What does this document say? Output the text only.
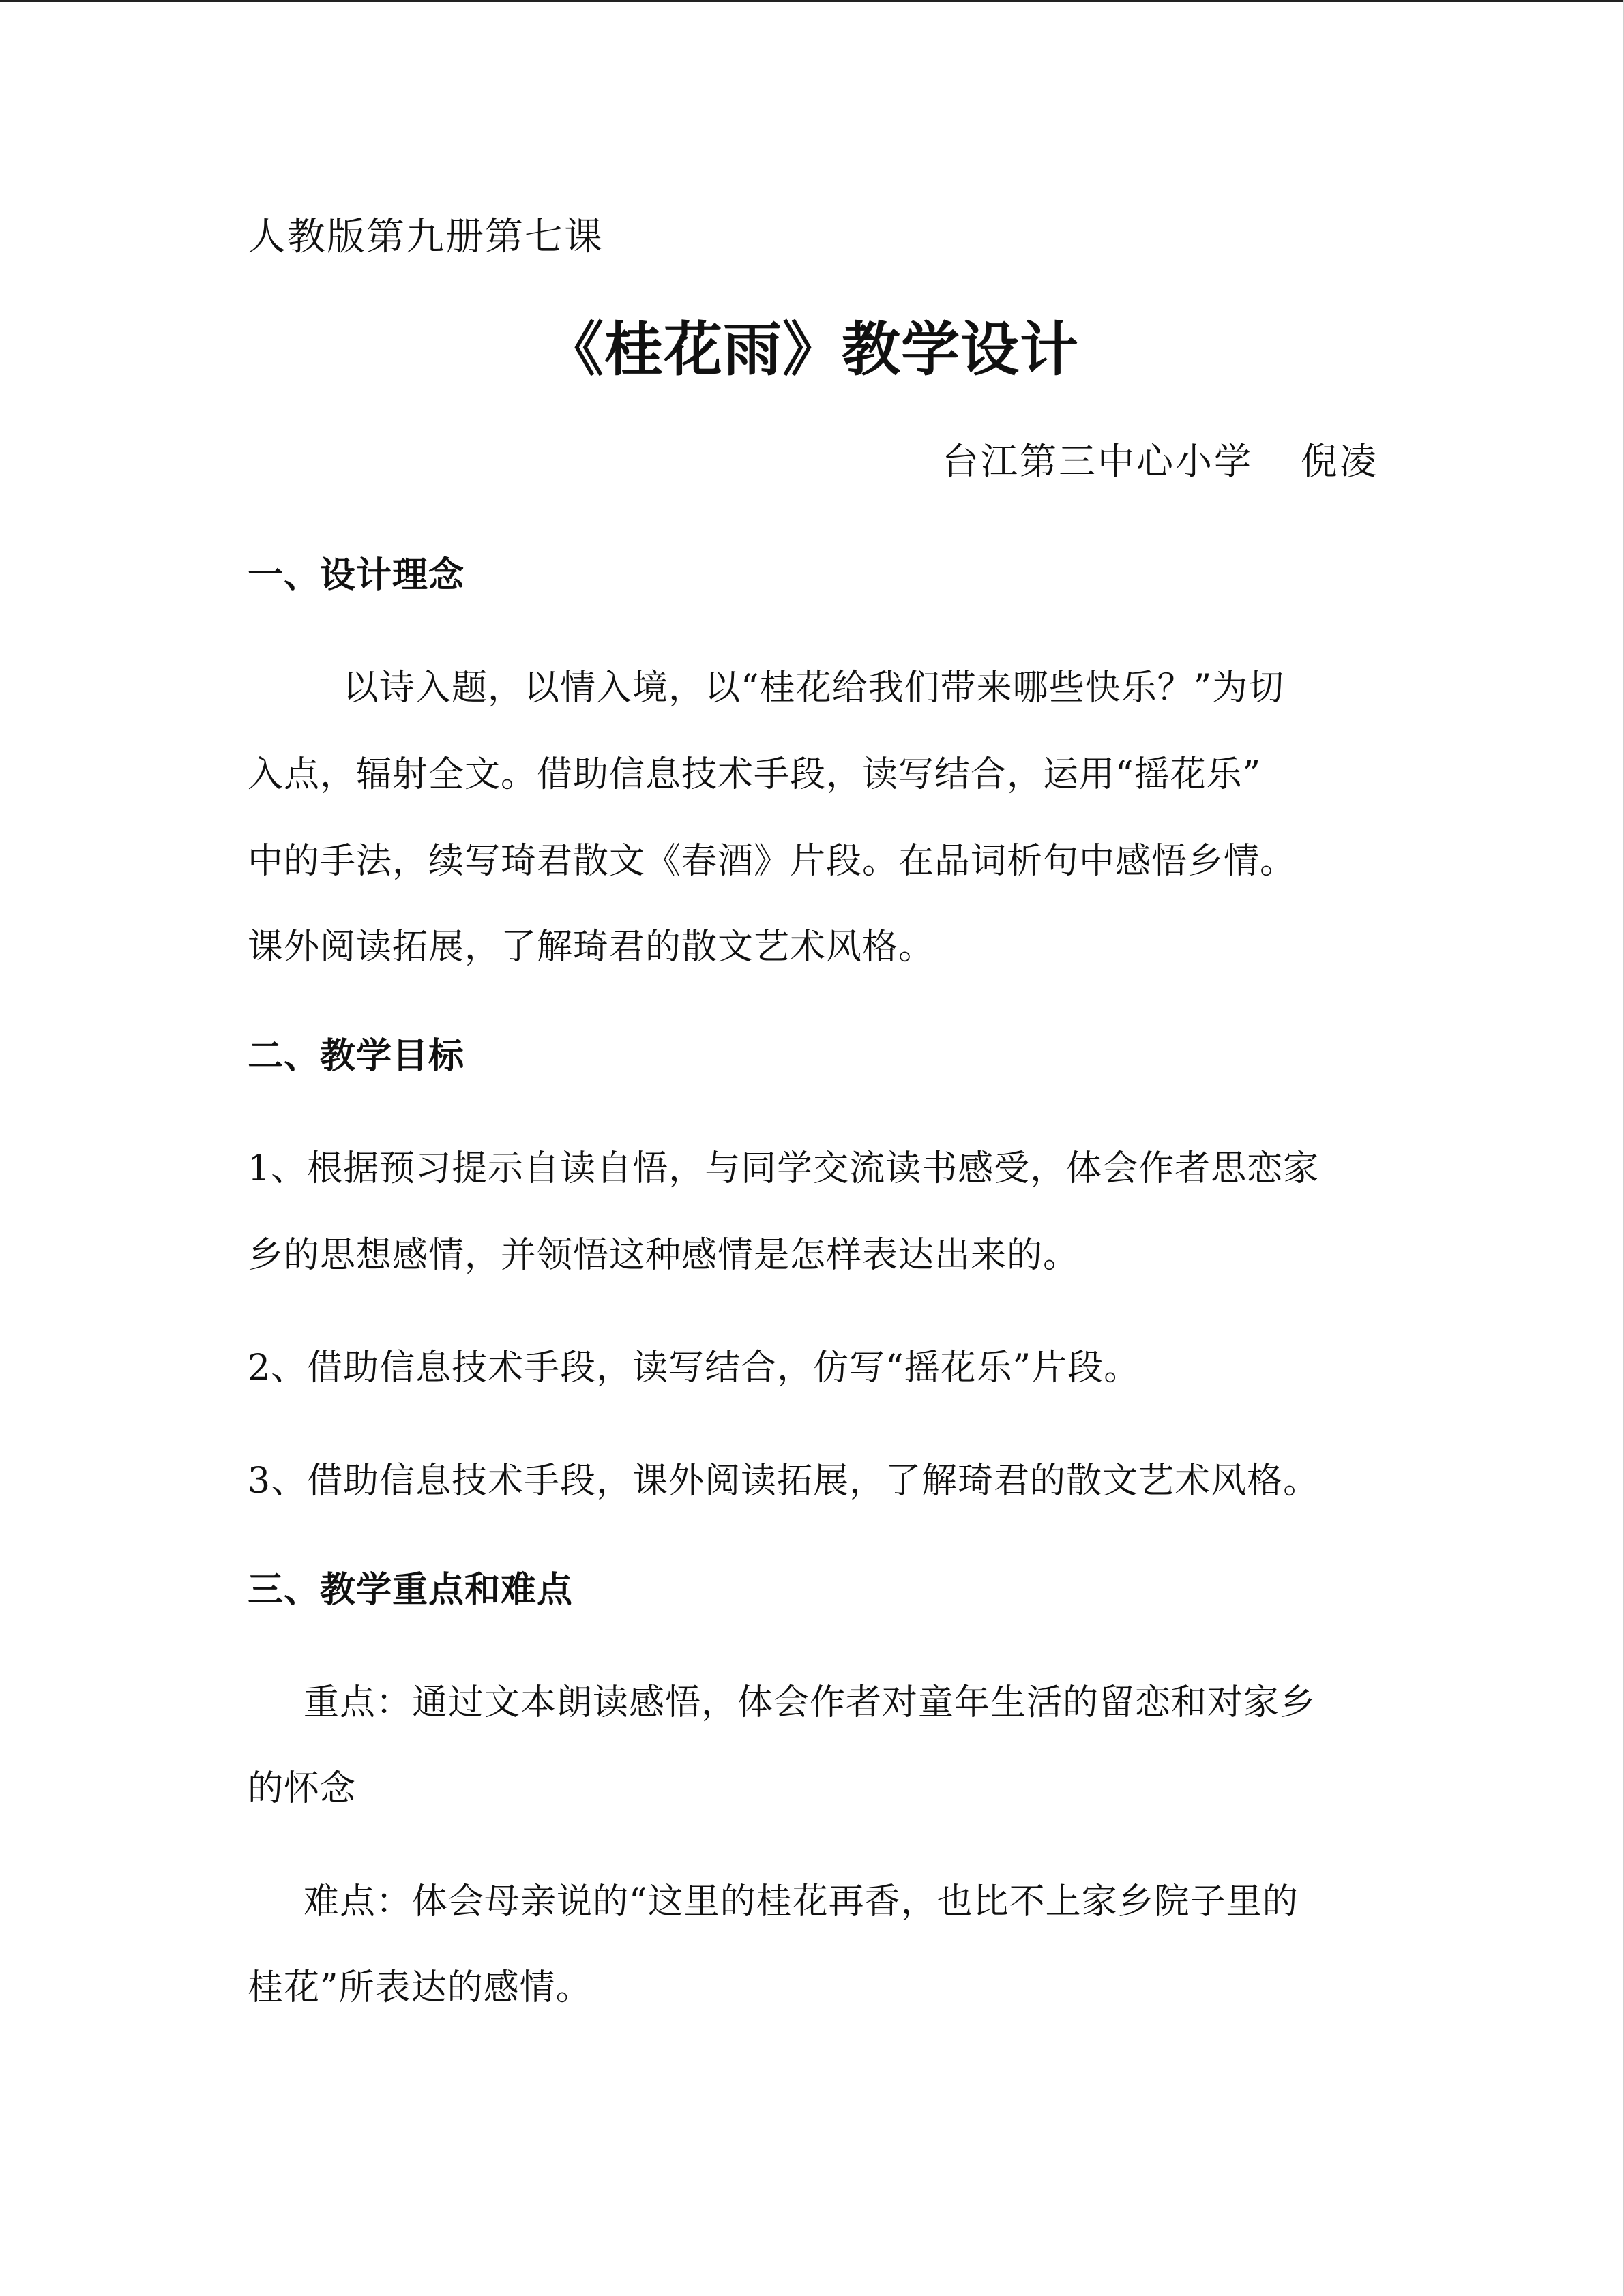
人教版第九册第七课
《桂花雨》教学设计
台江第三中心小学 倪凌
一、设计理念
以诗入题，以情入境，以“桂花给我们带来哪些快乐？”为切
入点，辐射全文。借助信息技术手段，读写结合，运用“摇花乐”
中的手法，续写琦君散文《春酒》片段。在品词析句中感悟乡情。
课外阅读拓展，了解琦君的散文艺术风格。
二、教学目标
1、根据预习提示自读自悟，与同学交流读书感受，体会作者思恋家
乡的思想感情，并领悟这种感情是怎样表达出来的。
2、借助信息技术手段，读写结合，仿写“摇花乐”片段。
3、借助信息技术手段，课外阅读拓展，了解琦君的散文艺术风格。
三、教学重点和难点
重点：通过文本朗读感悟，体会作者对童年生活的留恋和对家乡
的怀念
难点：体会母亲说的“这里的桂花再香，也比不上家乡院子里的
桂花”所表达的感情。
